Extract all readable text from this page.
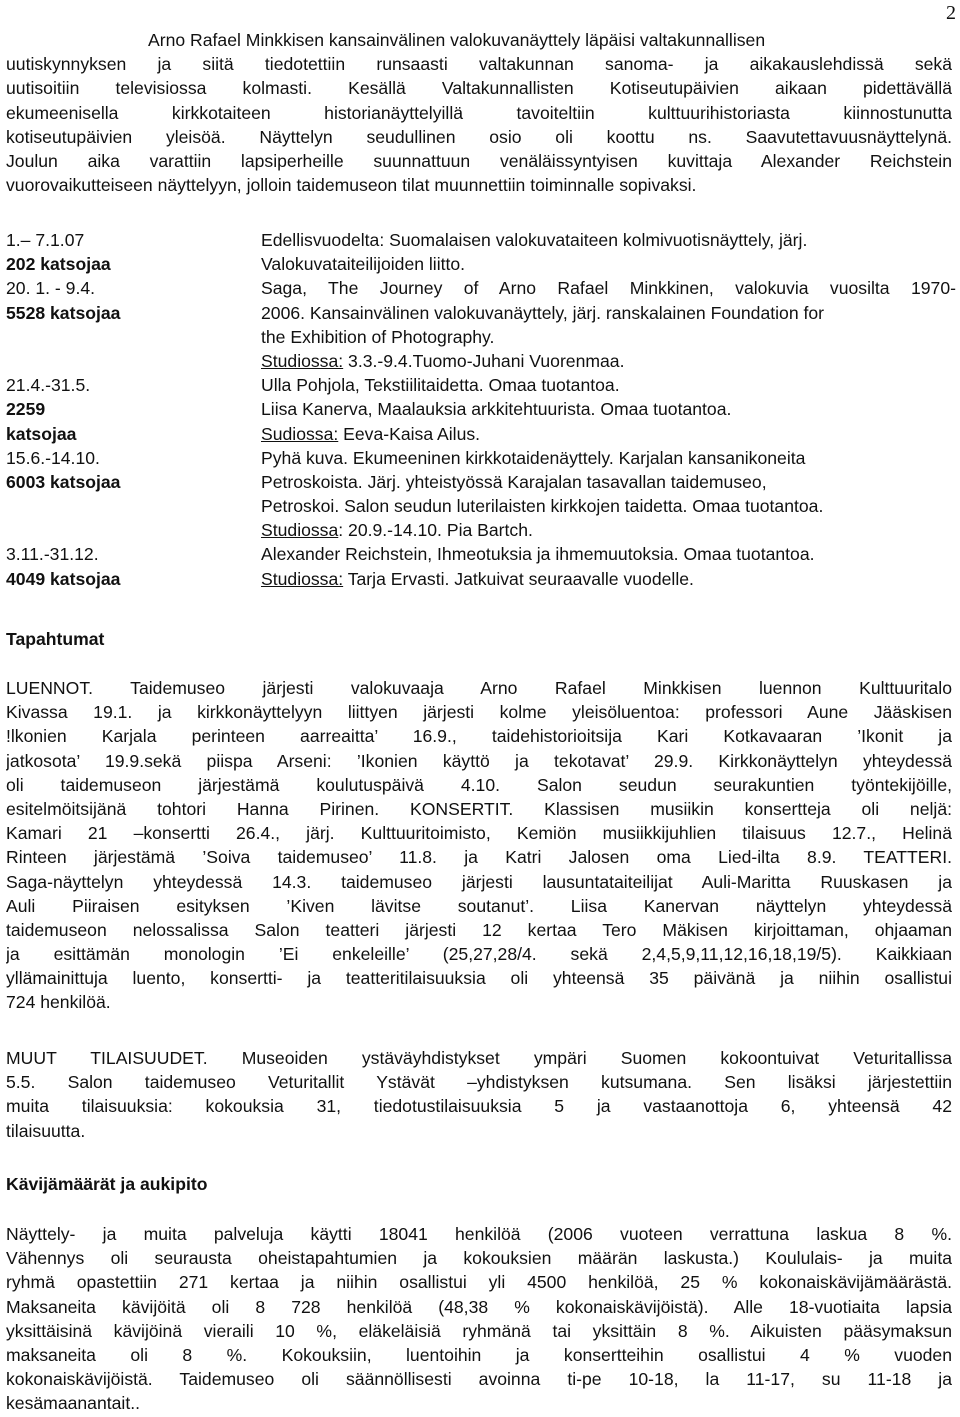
2
Arno Rafael Minkkisen kansainvälinen valokuvanäyttely läpäisi valtakunnallisen
uutiskynnyksen ja siitä tiedotettiin runsaasti valtakunnan sanoma- ja aikakauslehdissä sekä
uutisoitiin televisiossa kolmasti. Kesällä Valtakunnallisten Kotiseutupäivien aikaan pidettävällä
ekumeenisella kirkkotaiteen historianäyttelyillä tavoiteltiin kulttuurihistoriasta kiinnostunutta
kotiseutupäivien yleisöä. Näyttelyn seudullinen osio oli koottu ns. Saavutettavuusnäyttelynä.
Joulun aika varattiin lapsiperheille suunnattuun venäläissyntyisen kuvittaja Alexander Reichstein
vuorovaikutteiseen näyttelyyn, jolloin taidemuseon tilat muunnettiin toiminnalle sopivaksi.
1.– 7.1.07	Edellisvuodelta: Suomalaisen valokuvataiteen kolmivuotisnäyttely, järj.
202 katsojaa	Valokuvataiteilijoiden liitto.
20. 1. - 9.4.	Saga, The Journey of Arno Rafael Minkkinen, valokuvia vuosilta 1970-
5528 katsojaa	2006. Kansainvälinen valokuvanäyttely, järj. ranskalainen Foundation for
the Exhibition of Photography.
Studiossa: 3.3.-9.4.Tuomo-Juhani Vuorenmaa.
21.4.-31.5.	Ulla Pohjola, Tekstiilitaidetta. Omaa tuotantoa.
2259	Liisa Kanerva, Maalauksia arkkitehtuurista. Omaa tuotantoa.
katsojaa	Sudiossa: Eeva-Kaisa Ailus.
15.6.-14.10.	Pyhä kuva. Ekumeeninen kirkkotaidenäyttely. Karjalan kansanikoneita
6003 katsojaa	Petroskoista. Järj. yhteistyössä Karajalan tasavallan taidemuseo,
Petroskoi. Salon seudun luterilaisten kirkkojen taidetta. Omaa tuotantoa.
Studiossa: 20.9.-14.10. Pia Bartch.
3.11.-31.12.	Alexander Reichstein, Ihmeotuksia ja ihmemuutoksia. Omaa tuotantoa.
4049 katsojaa	Studiossa: Tarja Ervasti. Jatkuivat seuraavalle vuodelle.
Tapahtumat
LUENNOT. Taidemuseo järjesti valokuvaaja Arno Rafael Minkkisen luennon Kulttuuritalo
Kivassa 19.1. ja kirkkonäyttelyyn liittyen järjesti kolme yleisöluentoa: professori Aune Jääskisen
!lkonien Karjala perinteen aarreaitta’ 16.9., taidehistorioitsija Kari Kotkavaaran ’Ikonit ja
jatkosota’ 19.9.sekä piispa Arseni: ’Ikonien käyttö ja tekotavat’ 29.9. Kirkkonäyttelyn yhteydessä
oli taidemuseon järjestämä koulutuspäivä 4.10. Salon seudun seurakuntien työntekijöille,
esitelmöitsijänä tohtori Hanna Pirinen. KONSERTIT. Klassisen musiikin konsertteja oli neljä:
Kamari 21 –konsertti 26.4., järj. Kulttuuritoimisto, Kemiön musiikkijuhlien tilaisuus 12.7., Helinä
Rinteen järjestämä ’Soiva taidemuseo’ 11.8. ja Katri Jalosen oma Lied-ilta 8.9. TEATTERI.
Saga-näyttelyn yhteydessä 14.3. taidemuseo järjesti lausuntataiteilijat Auli-Maritta Ruuskasen ja
Auli Piiraisen esityksen ’Kiven lävitse soutanut’. Liisa Kanervan näyttelyn yhteydessä
taidemuseon nelossalissa Salon teatteri järjesti 12 kertaa Tero Mäkisen kirjoittaman, ohjaaman
ja esittämän monologin ’Ei enkeleille’ (25,27,28/4. sekä 2,4,5,9,11,12,16,18,19/5). Kaikkiaan
yllämainittuja luento, konsertti- ja teatteritilaisuuksia oli yhteensä 35 päivänä ja niihin osallistui
724 henkilöä.
MUUT TILAISUUDET. Museoiden ystäväyhdistykset ympäri Suomen kokoontuivat Veturitallissa
5.5. Salon taidemuseo Veturitallit Ystävät –yhdistyksen kutsumana. Sen lisäksi järjestettiin
muita tilaisuuksia: kokouksia 31, tiedotustilaisuuksia 5 ja vastaanottoja 6, yhteensä 42
tilaisuutta.
Kävijämäärät ja aukipito
Näyttely- ja muita palveluja käytti 18041 henkilöä (2006 vuoteen verrattuna laskua 8 %.
Vähennys oli seurausta oheistapahtumien ja kokouksien määrän laskusta.) Koululais- ja muita
ryhmä opastettiin 271 kertaa ja niihin osallistui yli 4500 henkilöä, 25 % kokonaiskävijämäärästä.
Maksaneita kävijöitä oli 8 728 henkilöä (48,38 % kokonaiskävijöistä). Alle 18-vuotiaita lapsia
yksittäisinä kävijöinä vieraili 10 %, eläkeläisiä ryhmänä tai yksittäin 8 %. Aikuisten pääsymaksun
maksaneita oli 8 %. Kokouksiin, luentoihin ja konsertteihin osallistui 4 % vuoden
kokonaiskävijöistä. Taidemuseo oli säännöllisesti avoinna ti-pe 10-18, la 11-17, su 11-18 ja
kesämaanantait..
